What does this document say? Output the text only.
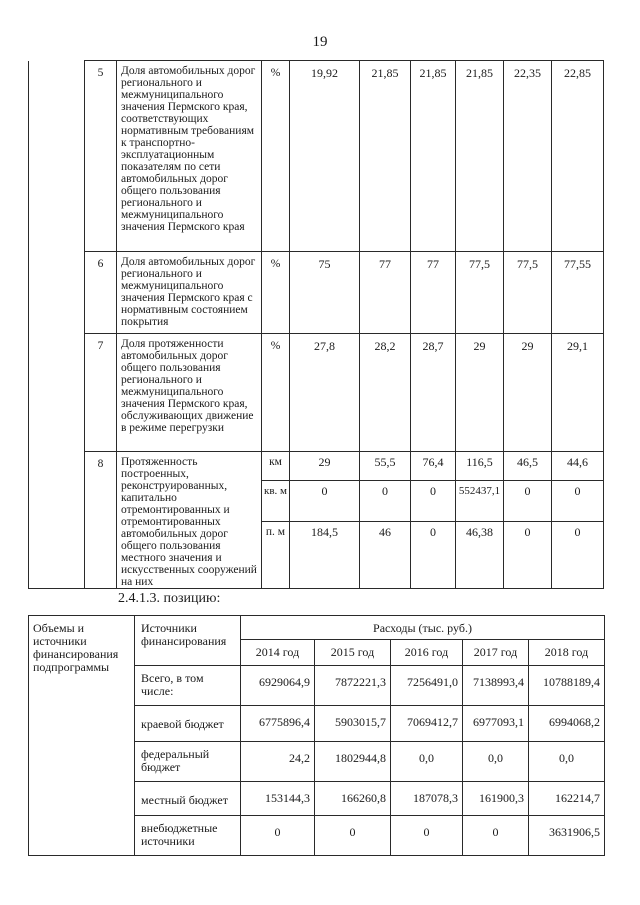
19
	5	Доля автомобильных дорог регионального и межмуниципального значения Пермского края, соответствующих нормативным требованиям к транспортно-эксплуатационным показателям по сети автомобильных дорог общего пользования регионального и межмуниципального значения Пермского края	%	19,92	21,85	21,85	21,85	22,35	22,85
	6	Доля автомобильных дорог регионального и межмуниципального значения Пермского края с нормативным состоянием покрытия	%	75	77	77	77,5	77,5	77,55
	7	Доля протяженности автомобильных дорог общего пользования регионального и межмуниципального значения Пермского края, обслуживающих движение в режиме перегрузки	%	27,8	28,2	28,7	29	29	29,1
	8	Протяженность построенных, реконструированных, капитально отремонтированных и отремонтированных автомобильных дорог общего пользования местного значения и искусственных сооружений на них	км	29	55,5	76,4	116,5	46,5	44,6
			кв. м	0	0	0	552437,1	0	0
			п. м	184,5	46	0	46,38	0	0
2.4.1.3. позицию:
Объемы и источники финансирования подпрограммы	Источники финансирования	Расходы (тыс. руб.)				
		2014 год	2015 год	2016 год	2017 год	2018 год
	Всего, в том числе:	6929064,9	7872221,3	7256491,0	7138993,4	10788189,4
	краевой бюджет	6775896,4	5903015,7	7069412,7	6977093,1	6994068,2
	федеральный бюджет	24,2	1802944,8	0,0	0,0	0,0
	местный бюджет	153144,3	166260,8	187078,3	161900,3	162214,7
	внебюджетные источники	0	0	0	0	3631906,5
